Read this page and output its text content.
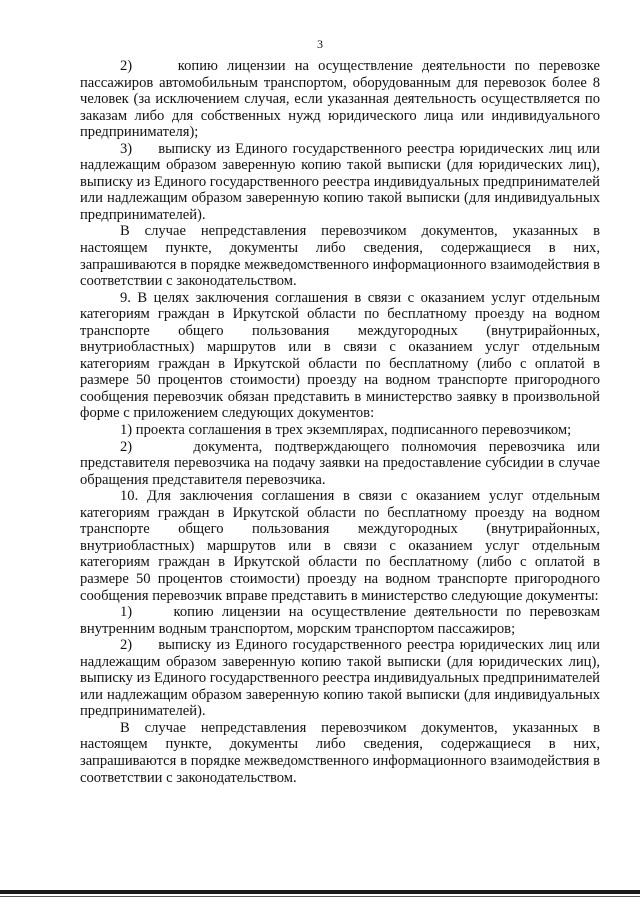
3

2)     копию лицензии на осуществление деятельности по перевозке пассажиров автомобильным транспортом, оборудованным для перевозок более 8 человек (за исключением случая, если указанная деятельность осуществляется по заказам либо для собственных нужд юридического лица или индивидуального предпринимателя);

3)     выписку из Единого государственного реестра юридических лиц или надлежащим образом заверенную копию такой выписки (для юридических лиц), выписку из Единого государственного реестра индивидуальных предпринимателей или надлежащим образом заверенную копию такой выписки (для индивидуальных предпринимателей).

В случае непредставления перевозчиком документов, указанных в настоящем пункте, документы либо сведения, содержащиеся в них, запрашиваются в порядке межведомственного информационного взаимодействия в соответствии с законодательством.

9. В целях заключения соглашения в связи с оказанием услуг отдельным категориям граждан в Иркутской области по бесплатному проезду на водном транспорте общего пользования междугородных (внутрирайонных, внутриобластных) маршрутов или в связи с оказанием услуг отдельным категориям граждан в Иркутской области по бесплатному (либо с оплатой в размере 50 процентов стоимости) проезду на водном транспорте пригородного сообщения перевозчик обязан представить в министерство заявку в произвольной форме с приложением следующих документов:

1) проекта соглашения в трех экземплярах, подписанного перевозчиком;

2)     документа, подтверждающего полномочия перевозчика или представителя перевозчика на подачу заявки на предоставление субсидии в случае обращения представителя перевозчика.

10. Для заключения соглашения в связи с оказанием услуг отдельным категориям граждан в Иркутской области по бесплатному проезду на водном транспорте общего пользования междугородных (внутрирайонных, внутриобластных) маршрутов или в связи с оказанием услуг отдельным категориям граждан в Иркутской области по бесплатному (либо с оплатой в размере 50 процентов стоимости) проезду на водном транспорте пригородного сообщения перевозчик вправе представить в министерство следующие документы:

1)     копию лицензии на осуществление деятельности по перевозкам внутренним водным транспортом, морским транспортом пассажиров;

2)     выписку из Единого государственного реестра юридических лиц или надлежащим образом заверенную копию такой выписки (для юридических лиц), выписку из Единого государственного реестра индивидуальных предпринимателей или надлежащим образом заверенную копию такой выписки (для индивидуальных предпринимателей).

В случае непредставления перевозчиком документов, указанных в настоящем пункте, документы либо сведения, содержащиеся в них, запрашиваются в порядке межведомственного информационного взаимодействия в соответствии с законодательством.
